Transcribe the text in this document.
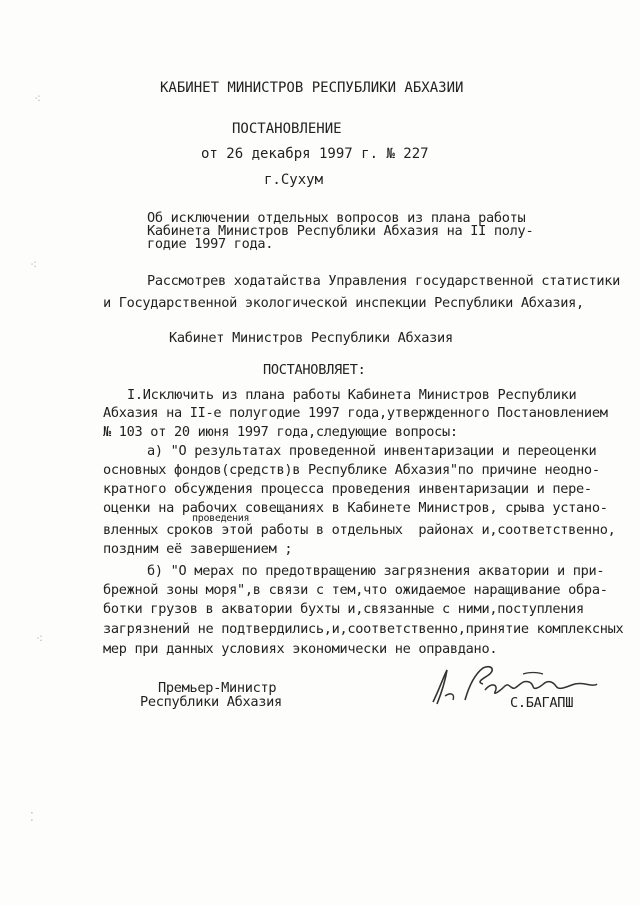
⁖
⁖
⁖
⁚
КАБИНЕТ МИНИСТРОВ РЕСПУБЛИКИ АБХАЗИИ
ПОСТАНОВЛЕНИЕ
от 26 декабря 1997 г. № 227
г.Сухум
Об исключении отдельных вопросов из плана работы
Кабинета Министров Республики Абхазия на II полу-
годие 1997 года.
Рассмотрев ходатайства Управления государственной статистики
и Государственной экологической инспекции Республики Абхазия,
Кабинет Министров Республики Абхазия
ПОСТАНОВЛЯЕТ:
I.Исключить из плана работы Кабинета Министров Республики
Абхазия на II-е полугодие 1997 года,утвержденного Постановлением
№ 103 от 20 июня 1997 года,следующие вопросы:
а) "О результатах проведенной инвентаризации и переоценки
основных фондов(средств)в Республике Абхазия"по причине неодно-
кратного обсуждения процесса проведения инвентаризации и пере-
оценки на рабочих совещаниях в Кабинете Министров, срыва устано-
проведения
вленных сроков этой работы в отдельных  районах и,соответственно,
поздним её завершением ;
б) "О мерах по предотвращению загрязнения акватории и при-
брежной зоны моря",в связи с тем,что ожидаемое наращивание обра-
ботки грузов в акватории бухты и,связанные с ними,поступления
загрязнений не подтвердились,и,соответственно,принятие комплексных
мер при данных условиях экономически не оправдано.
Премьер-Министр
Республики Абхазия	С.БАГАПШ
